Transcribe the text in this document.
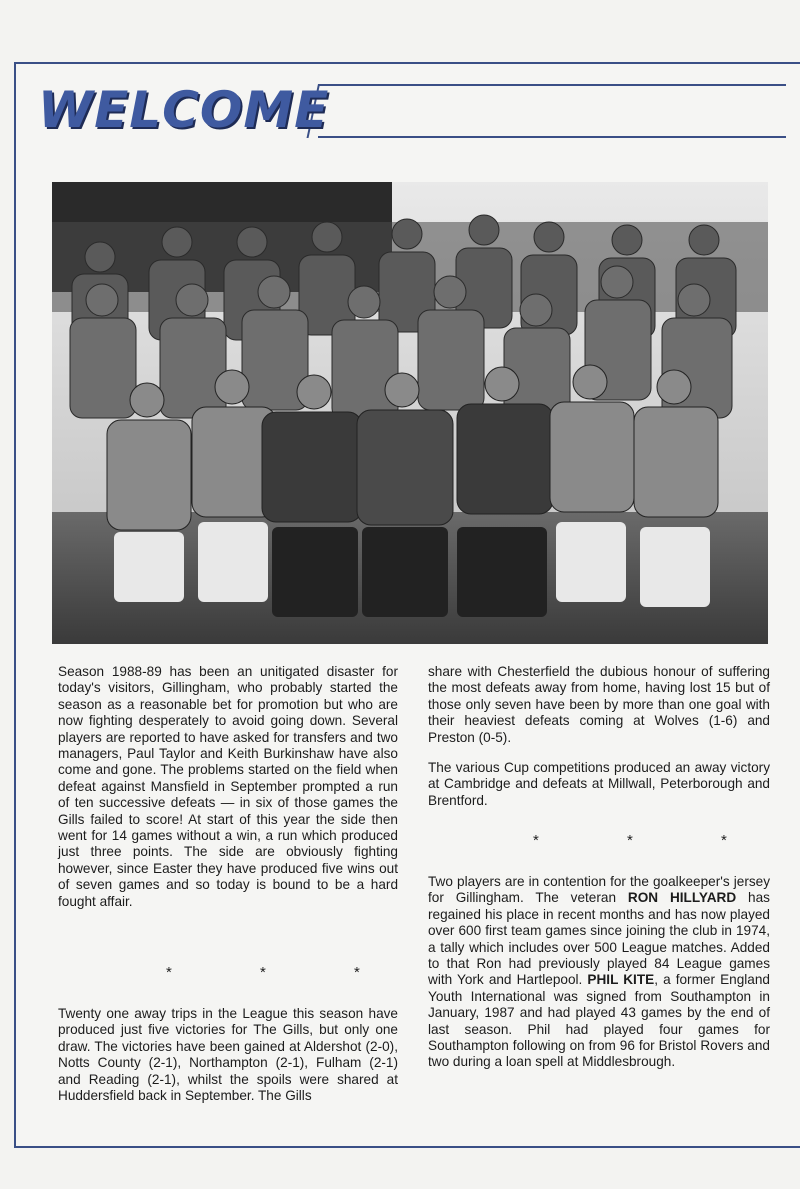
WELCOME

Season 1988-89 has been an unitigated disaster for today's visitors, Gillingham, who probably started the season as a reasonable bet for promotion but who are now fighting desperately to avoid going down. Several players are reported to have asked for transfers and two managers, Paul Taylor and Keith Burkinshaw have also come and gone. The problems started on the field when defeat against Mansfield in September prompted a run of ten successive defeats — in six of those games the Gills failed to score! At start of this year the side then went for 14 games without a win, a run which produced just three points. The side are obviously fighting however, since Easter they have produced five wins out of seven games and so today is bound to be a hard fought affair.

* * *

Twenty one away trips in the League this season have produced just five victories for The Gills, but only one draw. The victories have been gained at Aldershot (2-0), Notts County (2-1), Northampton (2-1), Fulham (2-1) and Reading (2-1), whilst the spoils were shared at Huddersfield back in September. The Gills

share with Chesterfield the dubious honour of suffering the most defeats away from home, having lost 15 but of those only seven have been by more than one goal with their heaviest defeats coming at Wolves (1-6) and Preston (0-5).

The various Cup competitions produced an away victory at Cambridge and defeats at Millwall, Peterborough and Brentford.

* * *

Two players are in contention for the goalkeeper's jersey for Gillingham. The veteran RON HILLYARD has regained his place in recent months and has now played over 600 first team games since joining the club in 1974, a tally which includes over 500 League matches. Added to that Ron had previously played 84 League games with York and Hartlepool. PHIL KITE, a former England Youth International was signed from Southampton in January, 1987 and had played 43 games by the end of last season. Phil had played four games for Southampton following on from 96 for Bristol Rovers and two during a loan spell at Middlesbrough.
